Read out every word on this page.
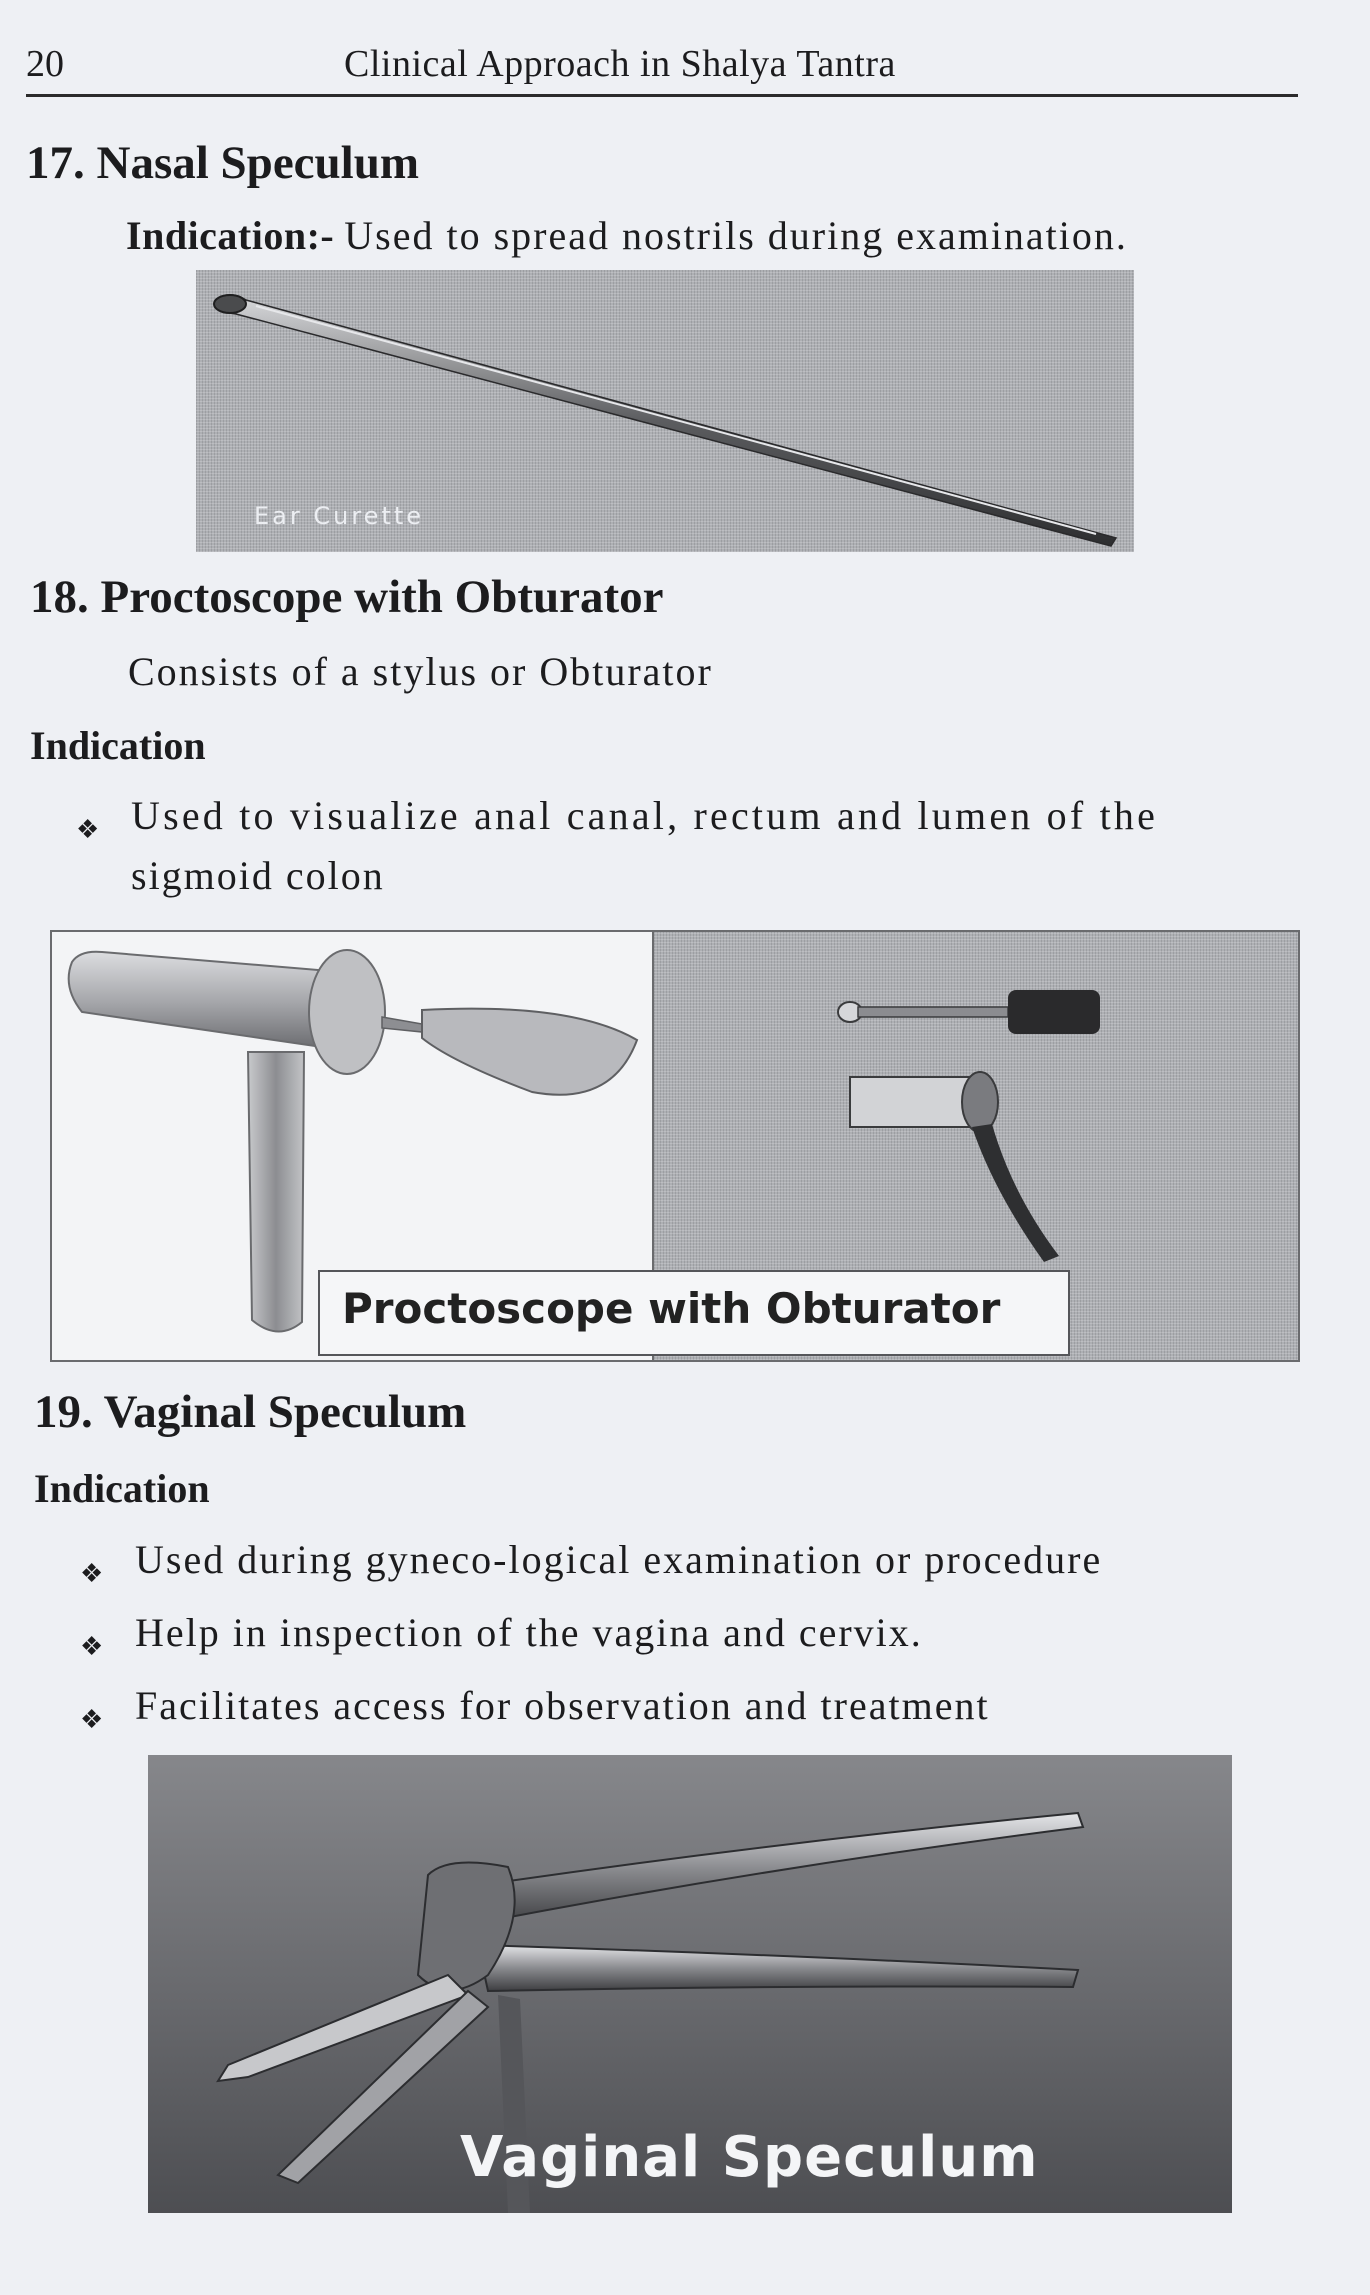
20	Clinical Approach in Shalya Tantra
17. Nasal Speculum
Indication:- Used to spread nostrils during examination.
Ear Curette
18. Proctoscope with Obturator
Consists of a stylus or Obturator
Indication
❖ Used to visualize anal canal, rectum and lumen of the
sigmoid colon
Proctoscope with Obturator
19. Vaginal Speculum
Indication
❖ Used during gyneco-logical examination or procedure
❖ Help in inspection of the vagina and cervix.
❖ Facilitates access for observation and treatment
Vaginal Speculum
